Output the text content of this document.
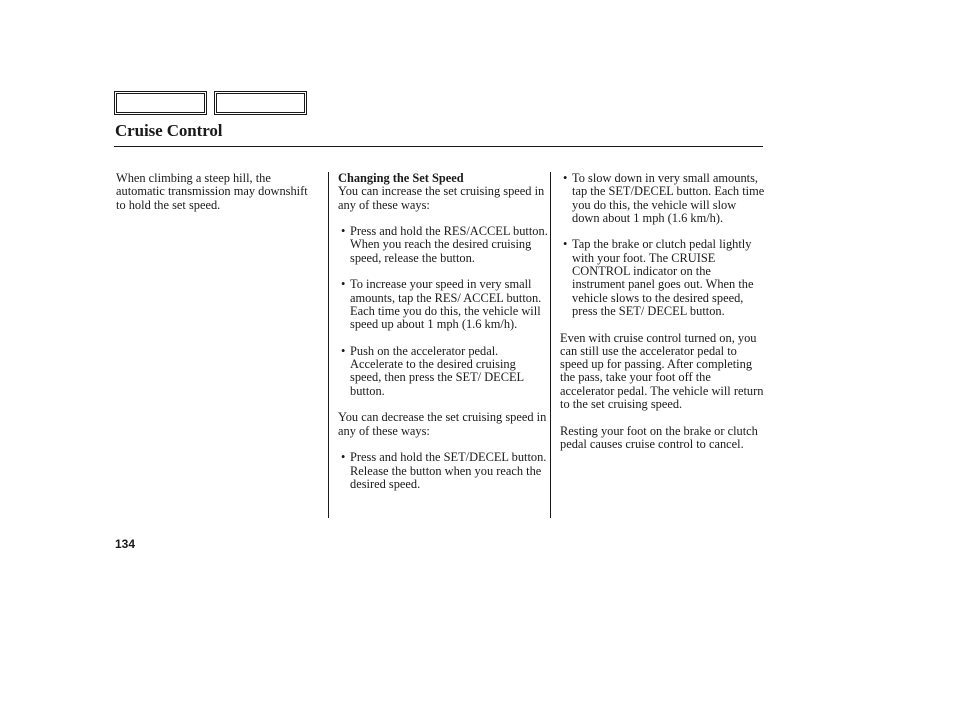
Cruise Control

When climbing a steep hill, the automatic transmission may downshift to hold the set speed.

Changing the Set Speed

You can increase the set cruising speed in any of these ways:

• Press and hold the RES/ACCEL button. When you reach the desired cruising speed, release the button.
• To increase your speed in very small amounts, tap the RES/ ACCEL button. Each time you do this, the vehicle will speed up about 1 mph (1.6 km/h).
• Push on the accelerator pedal. Accelerate to the desired cruising speed, then press the SET/ DECEL button.

You can decrease the set cruising speed in any of these ways:

• Press and hold the SET/DECEL button. Release the button when you reach the desired speed.
• To slow down in very small amounts, tap the SET/DECEL button. Each time you do this, the vehicle will slow down about 1 mph (1.6 km/h).
• Tap the brake or clutch pedal lightly with your foot. The CRUISE CONTROL indicator on the instrument panel goes out. When the vehicle slows to the desired speed, press the SET/ DECEL button.

Even with cruise control turned on, you can still use the accelerator pedal to speed up for passing. After completing the pass, take your foot off the accelerator pedal. The vehicle will return to the set cruising speed.

Resting your foot on the brake or clutch pedal causes cruise control to cancel.

134
